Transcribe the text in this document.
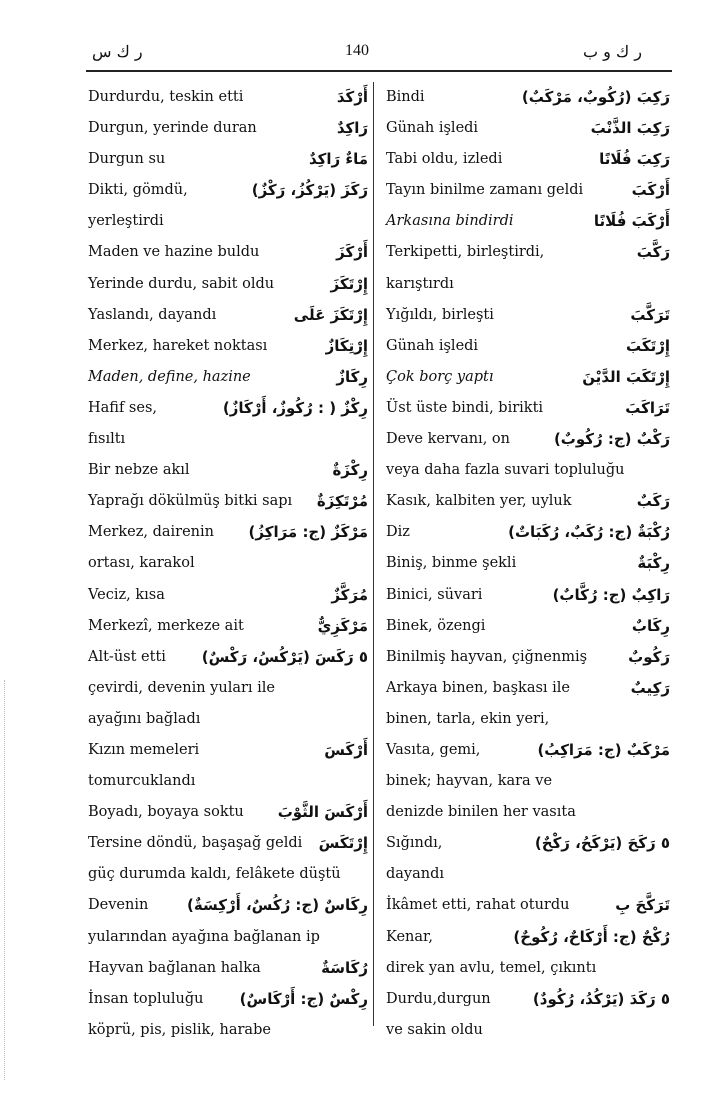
ر ك س	140	ر ك و ب
Durdurdu, teskin etti	أَرْكَدَ
Durgun, yerinde duran	رَاكِدٌ
Durgun su	مَاءٌ رَاكِدٌ
Dikti, gömdü,	رَكَزَ (يَرْكُزُ، رَكْزٌ)
yerleştirdi
Maden ve hazine buldu	أَرْكَزَ
Yerinde durdu, sabit oldu	إِرْتَكَزَ
Yaslandı, dayandı	إِرْتَكَزَ عَلَى
Merkez, hareket noktası	إِرْتِكَازٌ
Maden, define, hazine	رِكَازٌ
Hafif ses,	رِكْزٌ ( : رُكُوزٌ، أَرْكَازٌ)
fısıltı
Bir nebze akıl	رِكْزَةٌ
Yaprağı dökülmüş bitki sapı مُرْتَكِزَةٌ
Merkez, dairenin مَرْكَزٌ (ج: مَرَاكِزُ)
ortası, karakol
Veciz, kısa	مُرَكَّزٌ
Merkezî, merkeze ait	مَرْكَزِيٌّ
Alt-üst etti ٥ رَكَسَ (يَرْكُسُ، رَكْسٌ)
çevirdi, devenin yuları ile
ayağını bağladı
Kızın memeleri	أَرْكَسَ
tomurcuklandı
Boyadı, boyaya soktu أَرْكَسَ الثَّوْبَ
Tersine döndü, başaşağ geldi إِرْتَكَسَ
güç durumda kaldı, felâkete düştü
Devenin	رِكَاسٌ (ج: رُكُسٌ، أَرْكِسَةٌ)
yularından ayağına bağlanan ip
Hayvan bağlanan halka	رُكَاسَةٌ
İnsan topluluğu رِكْسٌ (ج: أَرْكَاسٌ)
köprü, pis, pislik, harabe
Bindi	رَكِبَ (رُكُوبٌ، مَرْكَبٌ)
Günah işledi	رَكِبَ الذَّنْبَ
Tabi oldu, izledi	رَكِبَ فُلَانًا
Tayın binilme zamanı geldi	أَرْكَبَ
Arkasına bindirdi	أَرْكَبَ فُلَانًا
Terkipetti, birleştirdi,	رَكَّبَ
karıştırdı
Yığıldı, birleşti	تَرَكَّبَ
Günah işledi	إِرْتَكَبَ
Çok borç yaptı	إِرْتَكَبَ الدَّيْنَ
Üst üste bindi, birikti	تَرَاكَبَ
Deve kervanı, on	رَكْبٌ (ج: رُكُوبٌ)
veya daha fazla suvari topluluğu
Kasık, kalbiten yer, uyluk	رَكَبٌ
Diz	رُكْبَةٌ (ج: رُكَبٌ، رُكَبَاتٌ)
Biniş, binme şekli	رِكْبَةٌ
Binici, süvari	رَاكِبٌ (ج: رُكَّابٌ)
Binek, özengi	رِكَابٌ
Binilmiş hayvan, çiğnenmiş	رَكُوبٌ
Arkaya binen, başkası ile	رَكِيبٌ
binen, tarla, ekin yeri,
Vasıta, gemi,	مَرْكَبٌ (ج: مَرَاكِبُ)
binek; hayvan, kara ve
denizde binilen her vasıta
Sığındı,	٥ رَكَحَ (يَرْكَحُ، رَكْحٌ)
dayandı
İkâmet etti, rahat oturdu	تَرَكَّحَ بِ
Kenar,	رُكْحٌ (ج: أَرْكَاحٌ، رُكُوحٌ)
direk yan avlu, temel, çıkıntı
Durdu,durgun	٥ رَكَدَ (يَرْكُدُ، رُكُودٌ)
ve sakin oldu
